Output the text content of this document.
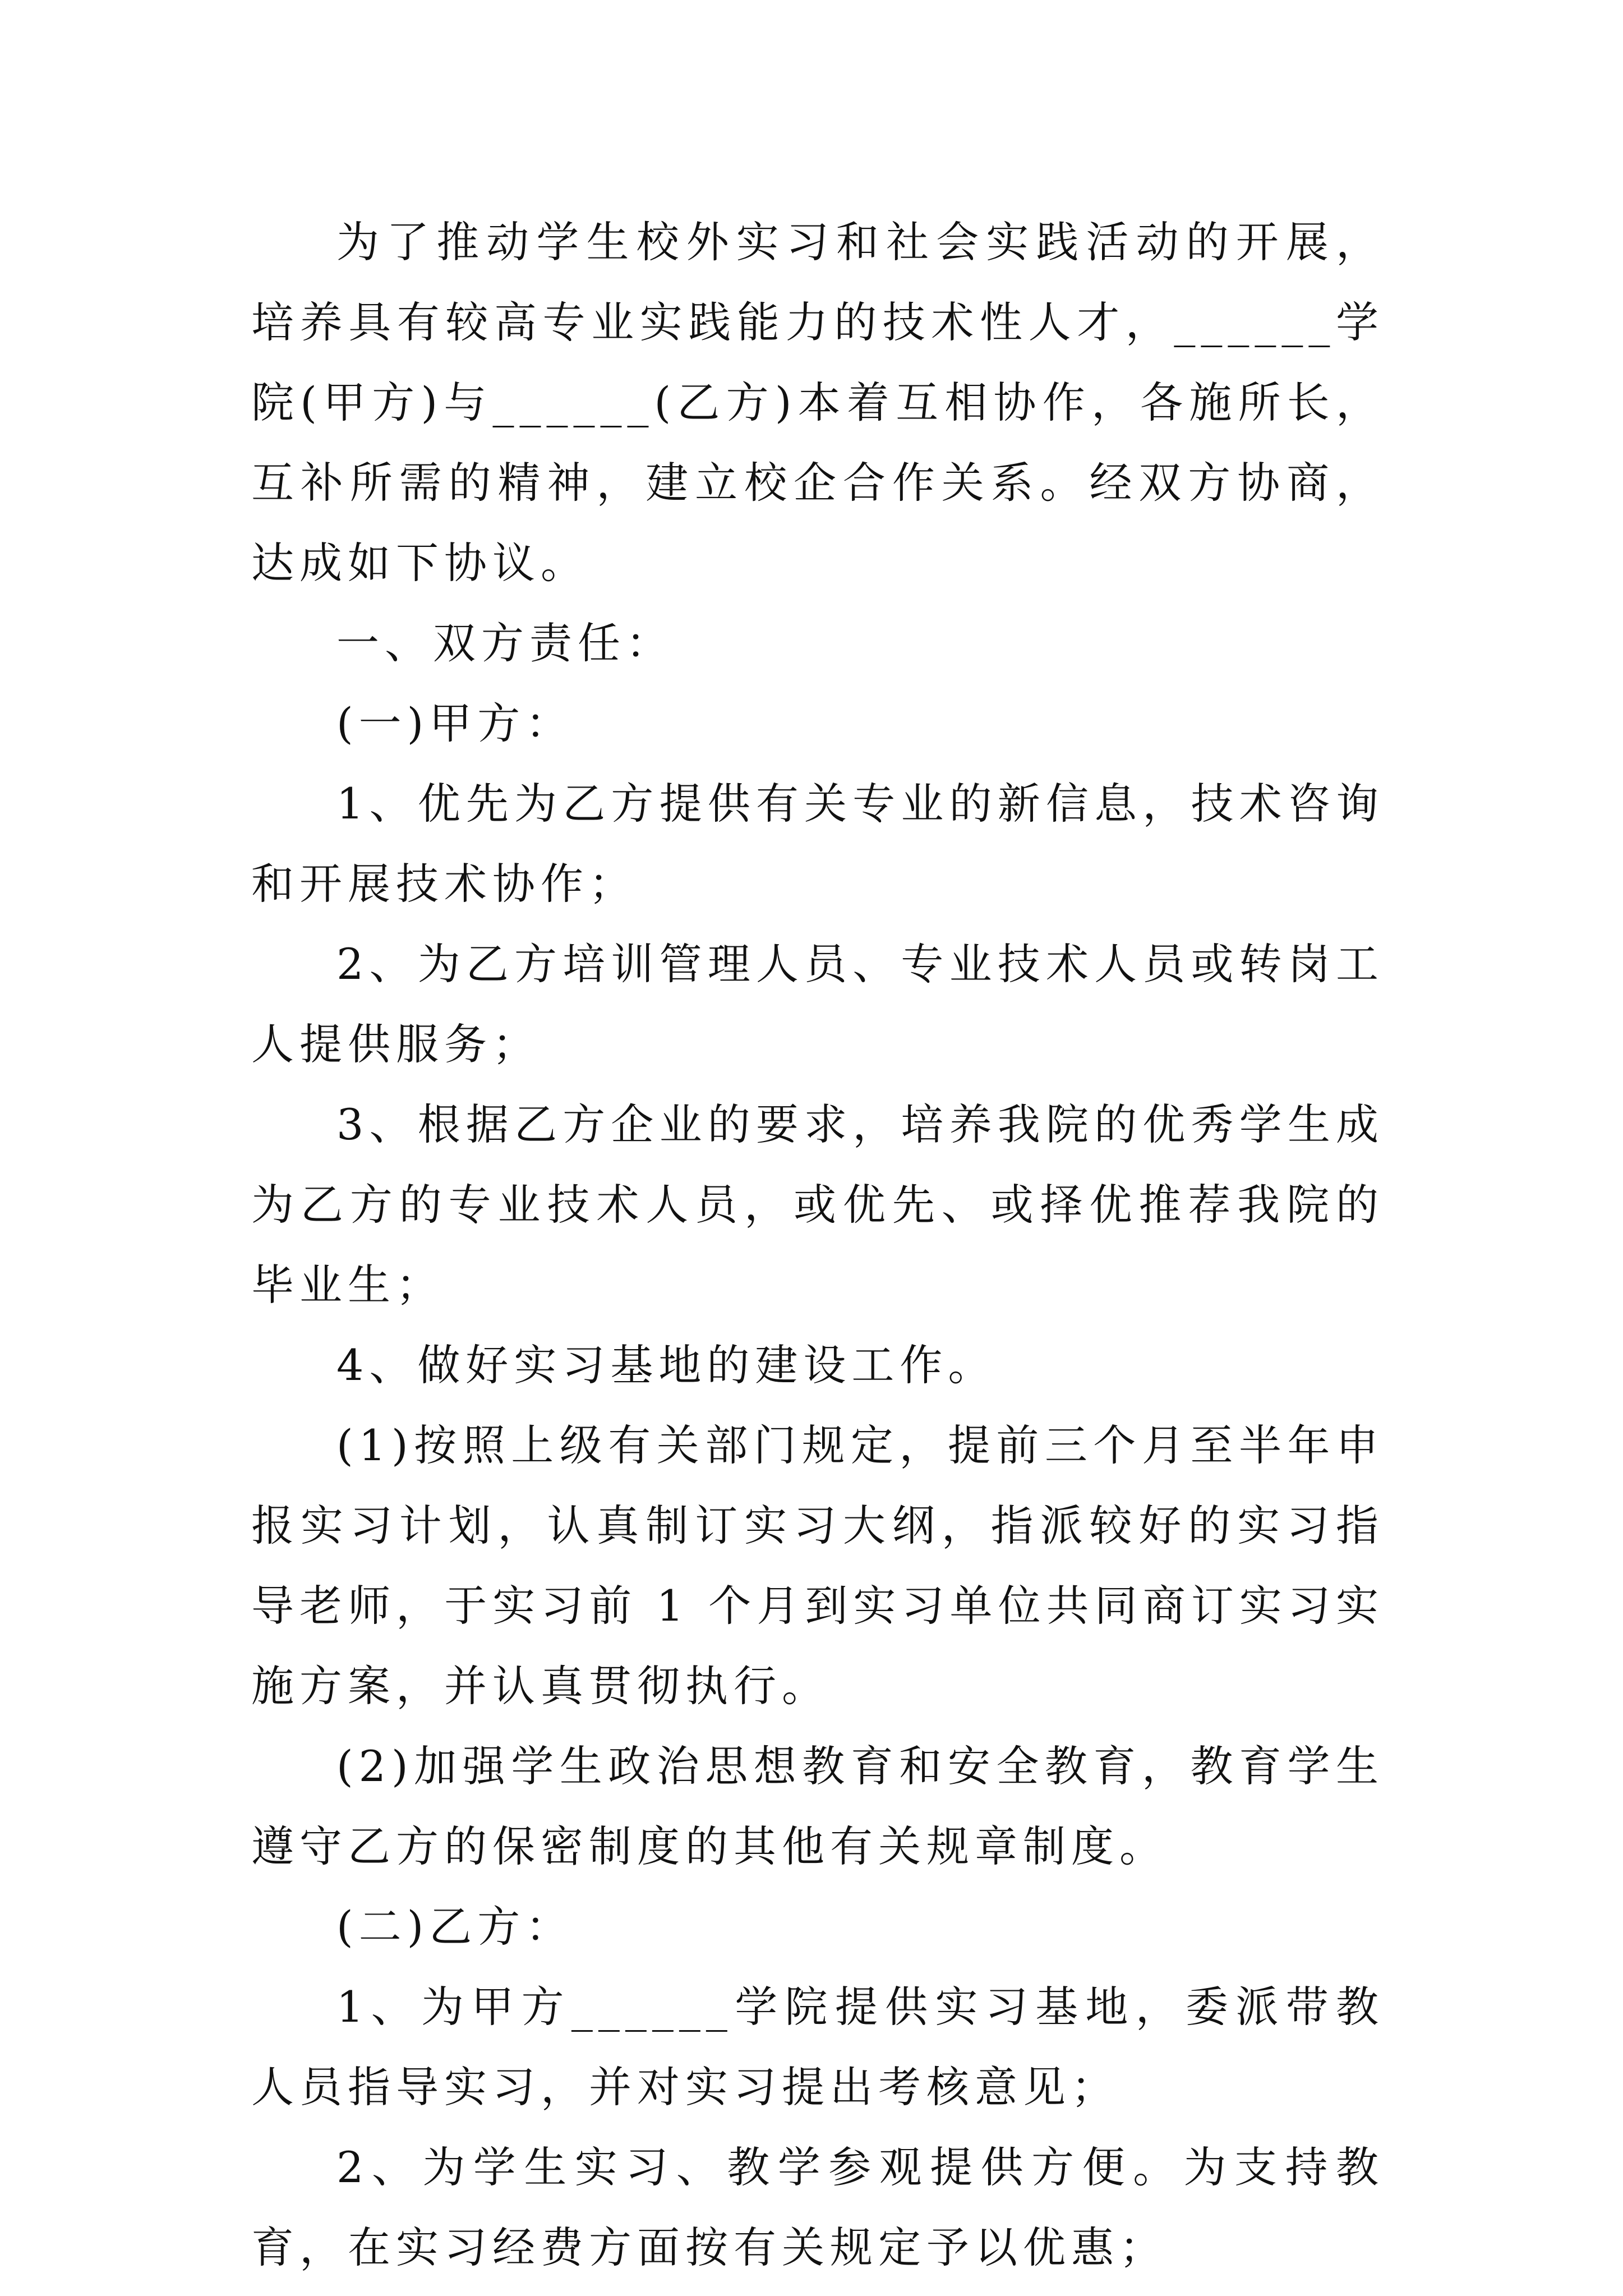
为了推动学生校外实习和社会实践活动的开展，培养具有较高专业实践能力的技术性人才，______学院(甲方)与______(乙方)本着互相协作，各施所长，互补所需的精神，建立校企合作关系。经双方协商，达成如下协议。

一、双方责任：

(一)甲方：

1、优先为乙方提供有关专业的新信息，技术咨询和开展技术协作；

2、为乙方培训管理人员、专业技术人员或转岗工人提供服务；

3、根据乙方企业的要求，培养我院的优秀学生成为乙方的专业技术人员，或优先、或择优推荐我院的毕业生；

4、做好实习基地的建设工作。

(1)按照上级有关部门规定，提前三个月至半年申报实习计划，认真制订实习大纲，指派较好的实习指导老师，于实习前 1 个月到实习单位共同商订实习实施方案，并认真贯彻执行。

(2)加强学生政治思想教育和安全教育，教育学生遵守乙方的保密制度的其他有关规章制度。

(二)乙方：

1、为甲方______学院提供实习基地，委派带教人员指导实习，并对实习提出考核意见；

2、为学生实习、教学参观提供方便。为支持教育，在实习经费方面按有关规定予以优惠；
